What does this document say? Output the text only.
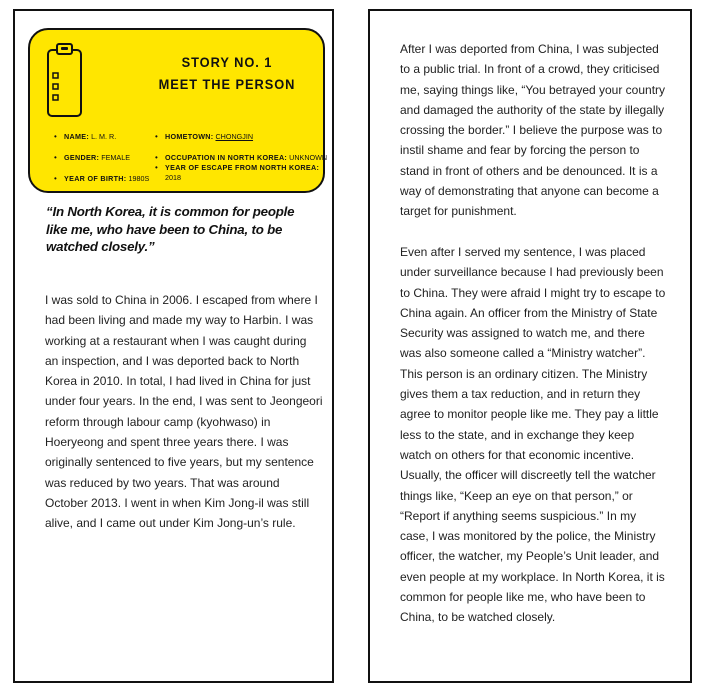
STORY NO. 1
MEET THE PERSON
• NAME: L. M. R.
• GENDER: FEMALE
• YEAR OF BIRTH: 1980S
• HOMETOWN: CHONGJIN
• OCCUPATION IN NORTH KOREA: UNKNOWN
• YEAR OF ESCAPE FROM NORTH KOREA:
2018
“In North Korea, it is common for people like me, who have been to China, to be watched closely.”

I was sold to China in 2006. I escaped from where I had been living and made my way to Harbin. I was working at a restaurant when I was caught during an inspection, and I was deported back to North Korea in 2010. In total, I had lived in China for just under four years. In the end, I was sent to Jeongeori reform through labour camp (kyohwaso) in Hoeryeong and spent three years there. I was originally sentenced to five years, but my sentence was reduced by two years. That was around October 2013. I went in when Kim Jong-il was still alive, and I came out under Kim Jong-un’s rule.

After I was deported from China, I was subjected to a public trial. In front of a crowd, they criticised me, saying things like, “You betrayed your country and damaged the authority of the state by illegally crossing the border.” I believe the purpose was to instil shame and fear by forcing the person to stand in front of others and be denounced. It is a way of demonstrating that anyone can become a target for punishment.

Even after I served my sentence, I was placed under surveillance because I had previously been to China. They were afraid I might try to escape to China again. An officer from the Ministry of State Security was assigned to watch me, and there was also someone called a “Ministry watcher”. This person is an ordinary citizen. The Ministry gives them a tax reduction, and in return they agree to monitor people like me. They pay a little less to the state, and in exchange they keep watch on others for that economic incentive. Usually, the officer will discreetly tell the watcher things like, “Keep an eye on that person,” or “Report if anything seems suspicious.” In my case, I was monitored by the police, the Ministry officer, the watcher, my People’s Unit leader, and even people at my workplace. In North Korea, it is common for people like me, who have been to China, to be watched closely.
